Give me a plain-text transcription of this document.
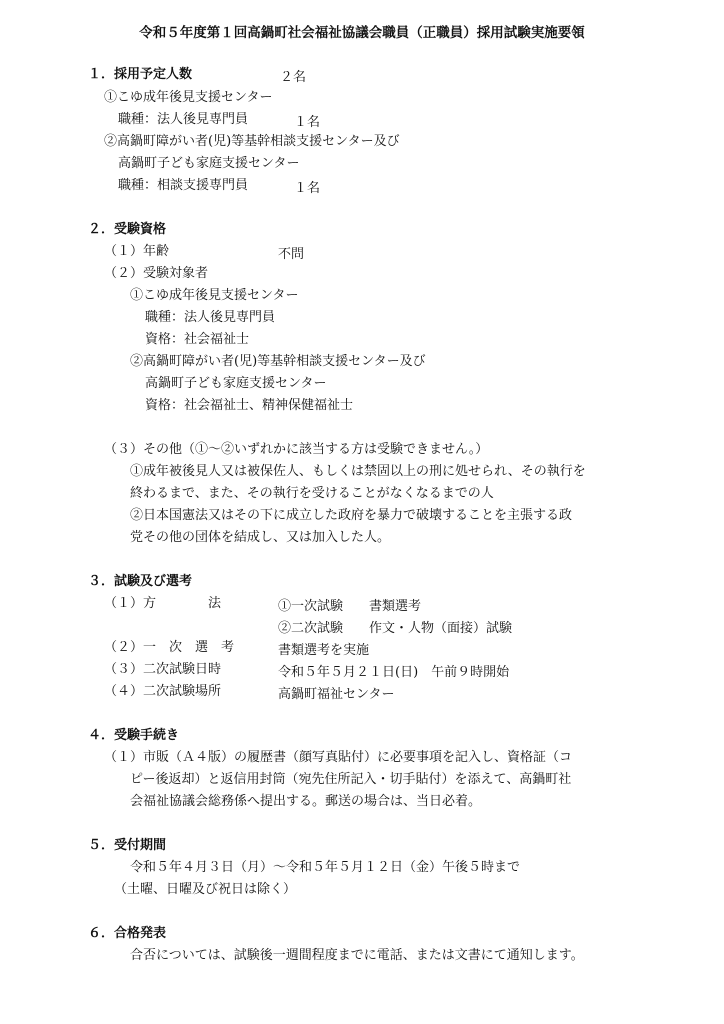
令和５年度第１回高鍋町社会福祉協議会職員（正職員）採用試験実施要領
１．採用予定人数	２名
①こゆ成年後見支援センター
職種：法人後見専門員	１名
②高鍋町障がい者(児)等基幹相談支援センター及び
高鍋町子ども家庭支援センター
職種：相談支援専門員	１名
２．受験資格
（１）年齢	不問
（２）受験対象者
①こゆ成年後見支援センター
職種：法人後見専門員
資格：社会福祉士
②高鍋町障がい者(児)等基幹相談支援センター及び
高鍋町子ども家庭支援センター
資格：社会福祉士、精神保健福祉士
（３）その他（①～②いずれかに該当する方は受験できません。）
①成年被後見人又は被保佐人、もしくは禁固以上の刑に処せられ、その執行を
終わるまで、また、その執行を受けることがなくなるまでの人
②日本国憲法又はその下に成立した政府を暴力で破壊することを主張する政
党その他の団体を結成し、又は加入した人。
３．試験及び選考
（１）方　　　　法	①一次試験　　書類選考
②二次試験　　作文・人物（面接）試験
（２）一　次　選　考	書類選考を実施
（３）二次試験日時	令和５年５月２１日(日)　午前９時開始
（４）二次試験場所	高鍋町福祉センター
４．受験手続き
（１）市販（Ａ４版）の履歴書（顔写真貼付）に必要事項を記入し、資格証（コ
ピー後返却）と返信用封筒（宛先住所記入・切手貼付）を添えて、高鍋町社
会福祉協議会総務係へ提出する。郵送の場合は、当日必着。
５．受付期間
令和５年４月３日（月）～令和５年５月１２日（金）午後５時まで
（土曜、日曜及び祝日は除く）
６．合格発表
合否については、試験後一週間程度までに電話、または文書にて通知します。
